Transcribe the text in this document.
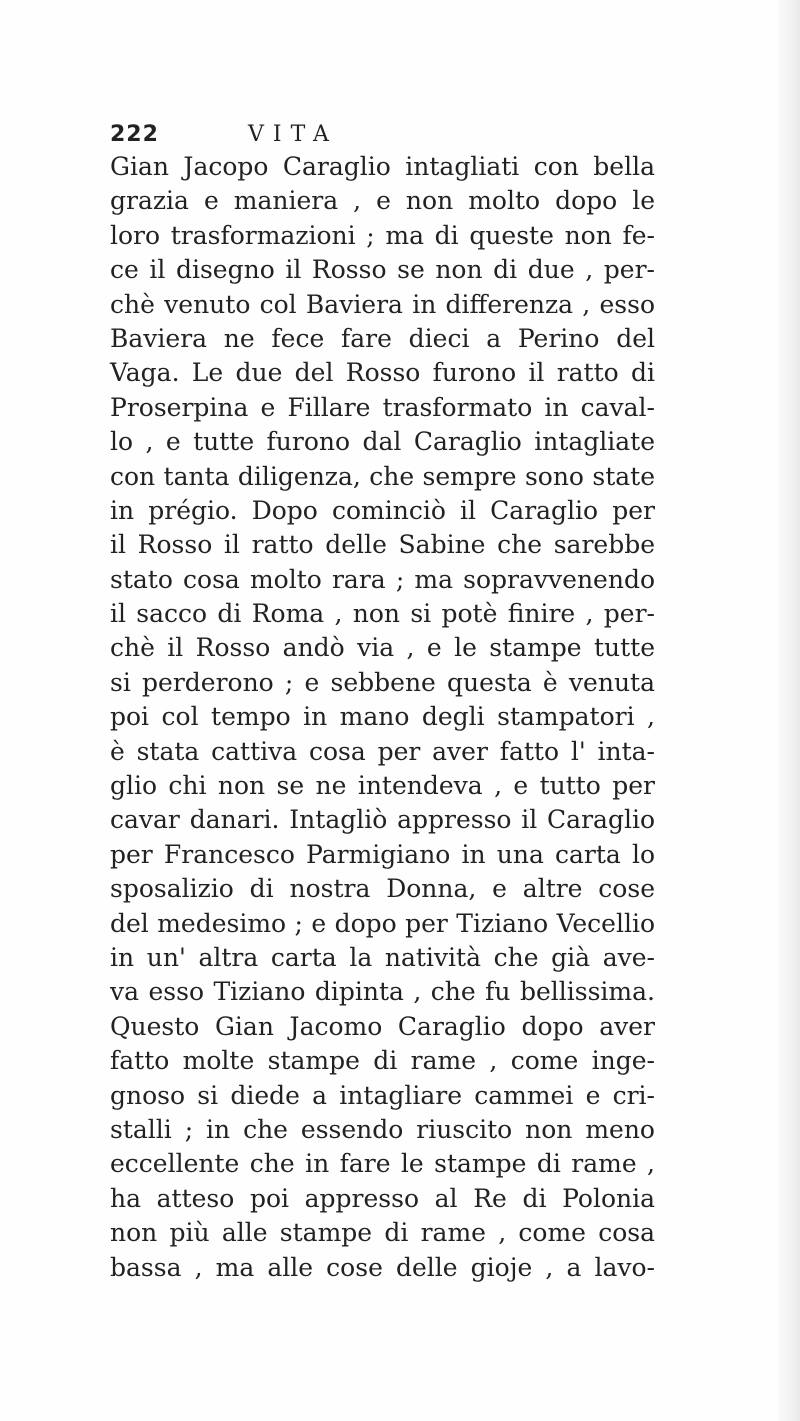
222	VITA
Gian Jacopo Caraglio intagliati con bella
grazia e maniera , e non molto dopo le
loro trasformazioni ; ma di queste non fe-
ce il disegno il Rosso se non di due , per-
chè venuto col Baviera in differenza , esso
Baviera ne fece fare dieci a Perino del
Vaga. Le due del Rosso furono il ratto di
Proserpina e Fillare trasformato in caval-
lo , e tutte furono dal Caraglio intagliate
con tanta diligenza, che sempre sono state
in prégio. Dopo cominciò il Caraglio per
il Rosso il ratto delle Sabine che sarebbe
stato cosa molto rara ; ma sopravvenendo
il sacco di Roma , non si potè finire , per-
chè il Rosso andò via , e le stampe tutte
si perderono ; e sebbene questa è venuta
poi col tempo in mano degli stampatori ,
è stata cattiva cosa per aver fatto l' inta-
glio chi non se ne intendeva , e tutto per
cavar danari. Intagliò appresso il Caraglio
per Francesco Parmigiano in una carta lo
sposalizio di nostra Donna, e altre cose
del medesimo ; e dopo per Tiziano Vecellio
in un' altra carta la natività che già ave-
va esso Tiziano dipinta , che fu bellissima.
Questo Gian Jacomo Caraglio dopo aver
fatto molte stampe di rame , come inge-
gnoso si diede a intagliare cammei e cri-
stalli ; in che essendo riuscito non meno
eccellente che in fare le stampe di rame ,
ha atteso poi appresso al Re di Polonia
non più alle stampe di rame , come cosa
bassa , ma alle cose delle gioje , a lavo-
